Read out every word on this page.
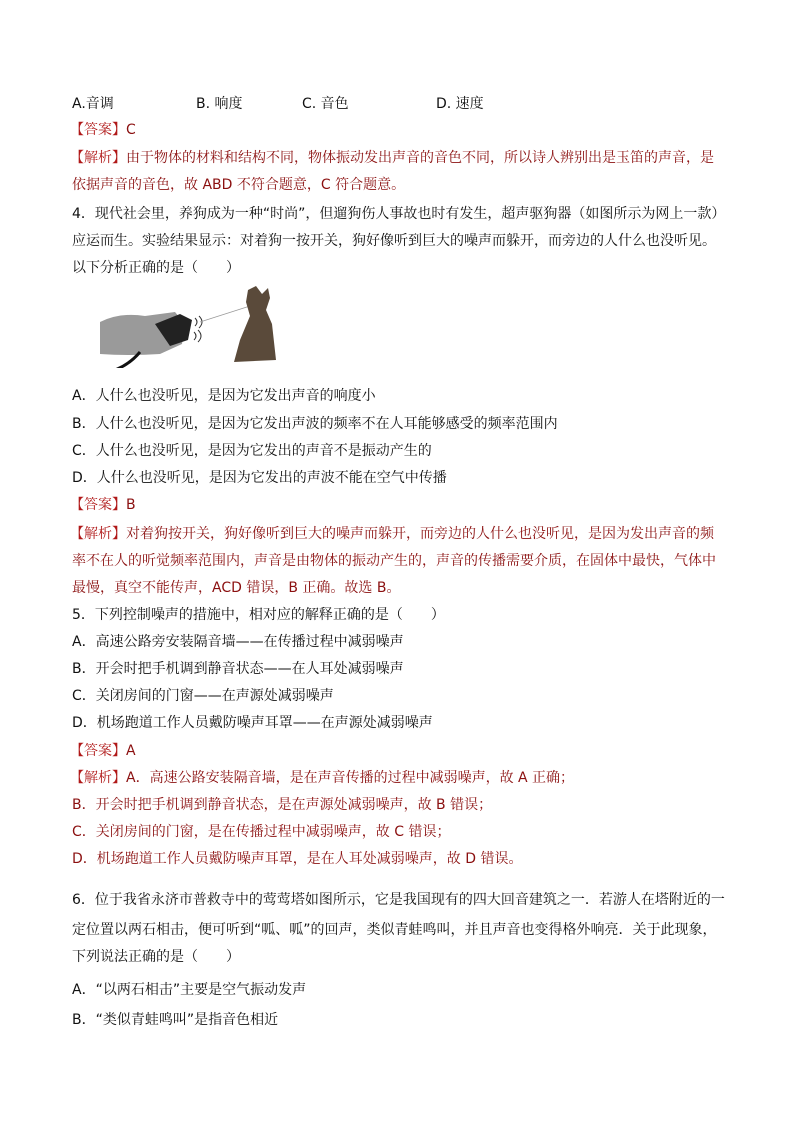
A.音调	B. 响度	C. 音色	D. 速度
【答案】C
【解析】由于物体的材料和结构不同，物体振动发出声音的音色不同，所以诗人辨别出是玉笛的声音，是
依据声音的音色，故 ABD 不符合题意，C 符合题意。
4．现代社会里，养狗成为一种“时尚”，但遛狗伤人事故也时有发生，超声驱狗器（如图所示为网上一款）
应运而生。实验结果显示：对着狗一按开关，狗好像听到巨大的噪声而躲开，而旁边的人什么也没听见。
以下分析正确的是（　　）
A．人什么也没听见，是因为它发出声音的响度小
B．人什么也没听见，是因为它发出声波的频率不在人耳能够感受的频率范围内
C．人什么也没听见，是因为它发出的声音不是振动产生的
D．人什么也没听见，是因为它发出的声波不能在空气中传播
【答案】B
【解析】对着狗按开关，狗好像听到巨大的噪声而躲开，而旁边的人什么也没听见，是因为发出声音的频
率不在人的听觉频率范围内，声音是由物体的振动产生的，声音的传播需要介质，在固体中最快，气体中
最慢，真空不能传声，ACD 错误，B 正确。故选 B。
5．下列控制噪声的措施中，相对应的解释正确的是（　　）
A．高速公路旁安装隔音墙——在传播过程中减弱噪声
B．开会时把手机调到静音状态——在人耳处减弱噪声
C．关闭房间的门窗——在声源处减弱噪声
D．机场跑道工作人员戴防噪声耳罩——在声源处减弱噪声
【答案】A
【解析】A．高速公路安装隔音墙，是在声音传播的过程中减弱噪声，故 A 正确；
B．开会时把手机调到静音状态，是在声源处减弱噪声，故 B 错误；
C．关闭房间的门窗，是在传播过程中减弱噪声，故 C 错误；
D．机场跑道工作人员戴防噪声耳罩，是在人耳处减弱噪声，故 D 错误。
6．位于我省永济市普救寺中的莺莺塔如图所示，它是我国现有的四大回音建筑之一．若游人在塔附近的一
定位置以两石相击，便可听到“呱、呱”的回声，类似青蛙鸣叫，并且声音也变得格外响亮．关于此现象，
下列说法正确的是（　　）
A．“以两石相击”主要是空气振动发声
B．“类似青蛙鸣叫”是指音色相近
